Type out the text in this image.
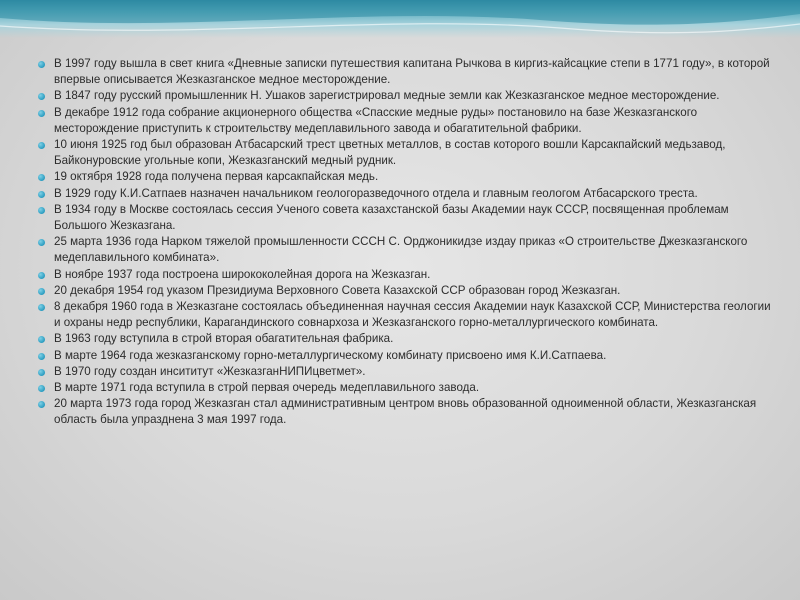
В 1997 году вышла в свет книга «Дневные записки путешествия капитана Рычкова в киргиз-кайсацкие степи в 1771 году», в которой впервые описывается Жезказганское медное месторождение.
В 1847 году русский промышленник Н. Ушаков зарегистрировал медные земли как Жезказганское медное месторождение.
В декабре 1912 года собрание акционерного общества «Спасские медные руды» постановило на базе Жезказганского месторождение приступить к строительству медеплавильного завода и обагатительной фабрики.
10 июня 1925 год был образован Атбасарский трест цветных металлов, в состав которого вошли Карсакпайский медьзавод, Байконуровские угольные копи, Жезказганский медный рудник.
19 октября 1928 года получена первая карсакпайская медь.
В 1929 году К.И.Сатпаев назначен начальником геологоразведочного отдела и главным геологом Атбасарского треста.
В 1934 году в Москве состоялась сессия Ученого совета казахстанской базы Академии наук СССР, посвященная проблемам Большого Жезказгана.
25 марта 1936 года Нарком тяжелой промышленности СССН С. Орджоникидзе издау приказ «О строительстве Джезказганского медеплавильного комбината».
В ноябре 1937 года построена ширококолейная дорога на Жезказган.
20 декабря 1954 год указом Президиума Верховного Совета Казахской ССР образован город Жезказган.
8 декабря 1960 года в Жезказгане состоялась объединенная научная сессия Академии наук Казахской ССР, Министерства геологии и охраны недр республики, Карагандинского совнархоза и Жезказганского горно-металлургического комбината.
В 1963 году вступила в строй вторая обагатительная фабрика.
В марте 1964 года жезказганскому горно-металлургическому комбинату присвоено имя К.И.Сатпаева.
В 1970 году создан инсититут «ЖезказганНИПИцветмет».
В марте 1971 года вступила в строй первая очередь медеплавильного завода.
20 марта 1973 года город Жезказган стал административным центром вновь образованной одноименной области, Жезказганская область была упразднена 3 мая 1997 года.
